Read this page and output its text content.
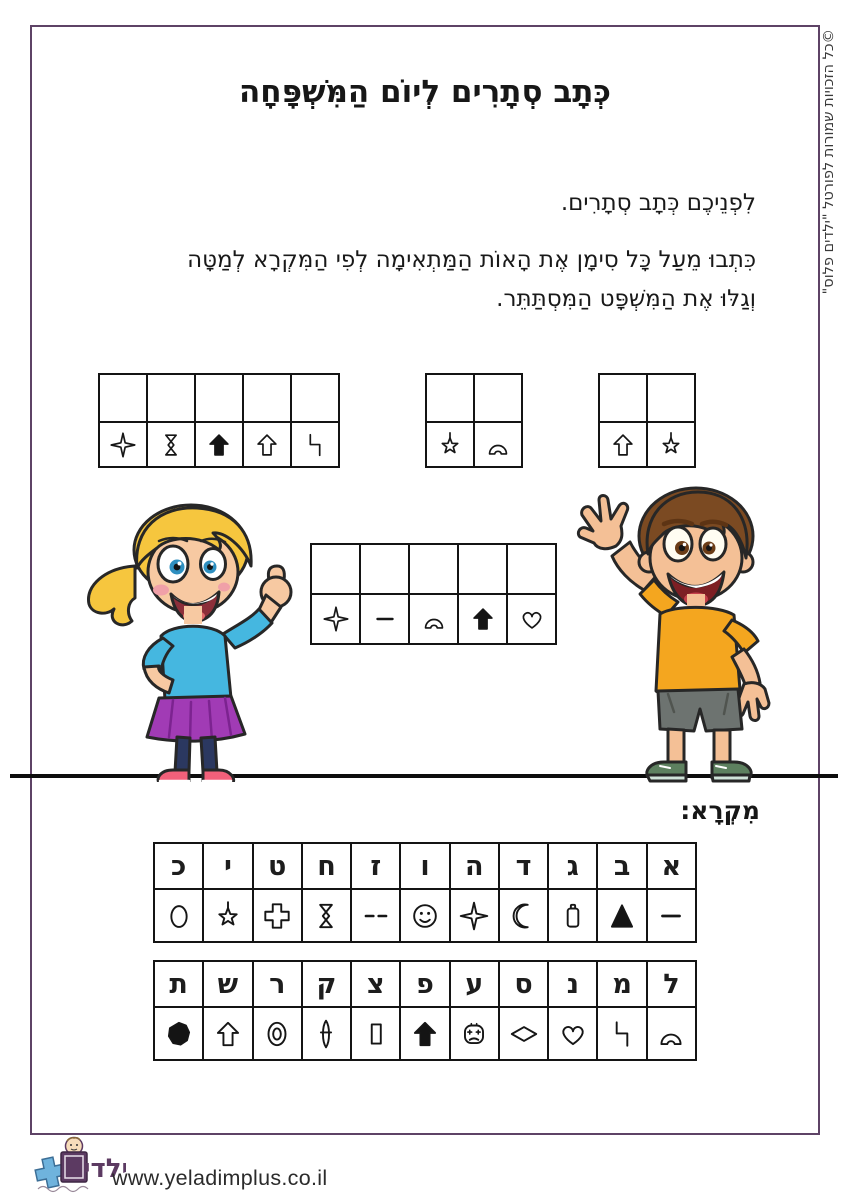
כְּתָב סְתָרִים לְיוֹם הַמִּשְׁפָּחָה

לִפְנֵיכֶם כְּתָב סְתָרִים.

כִּתְבוּ מֵעַל כָּל סִימָן אֶת הָאוֹת הַמַּתְאִימָה לְפִי הַמִּקְרָא לְמַטָּה

וְגַלּוּ אֶת הַמִּשְׁפָּט הַמִּסְתַּתֵּר.

מִקְרָא:
א
ב
ג
ד
ה
ו
ז
ח
ט
י
כ
ל
מ
נ
ס
ע
פ
צ
ק
ר
ש
ת
ילדי
www.yeladimplus.co.il
©כל הזכויות שמורות לפורטל "ילדים פלוס"
